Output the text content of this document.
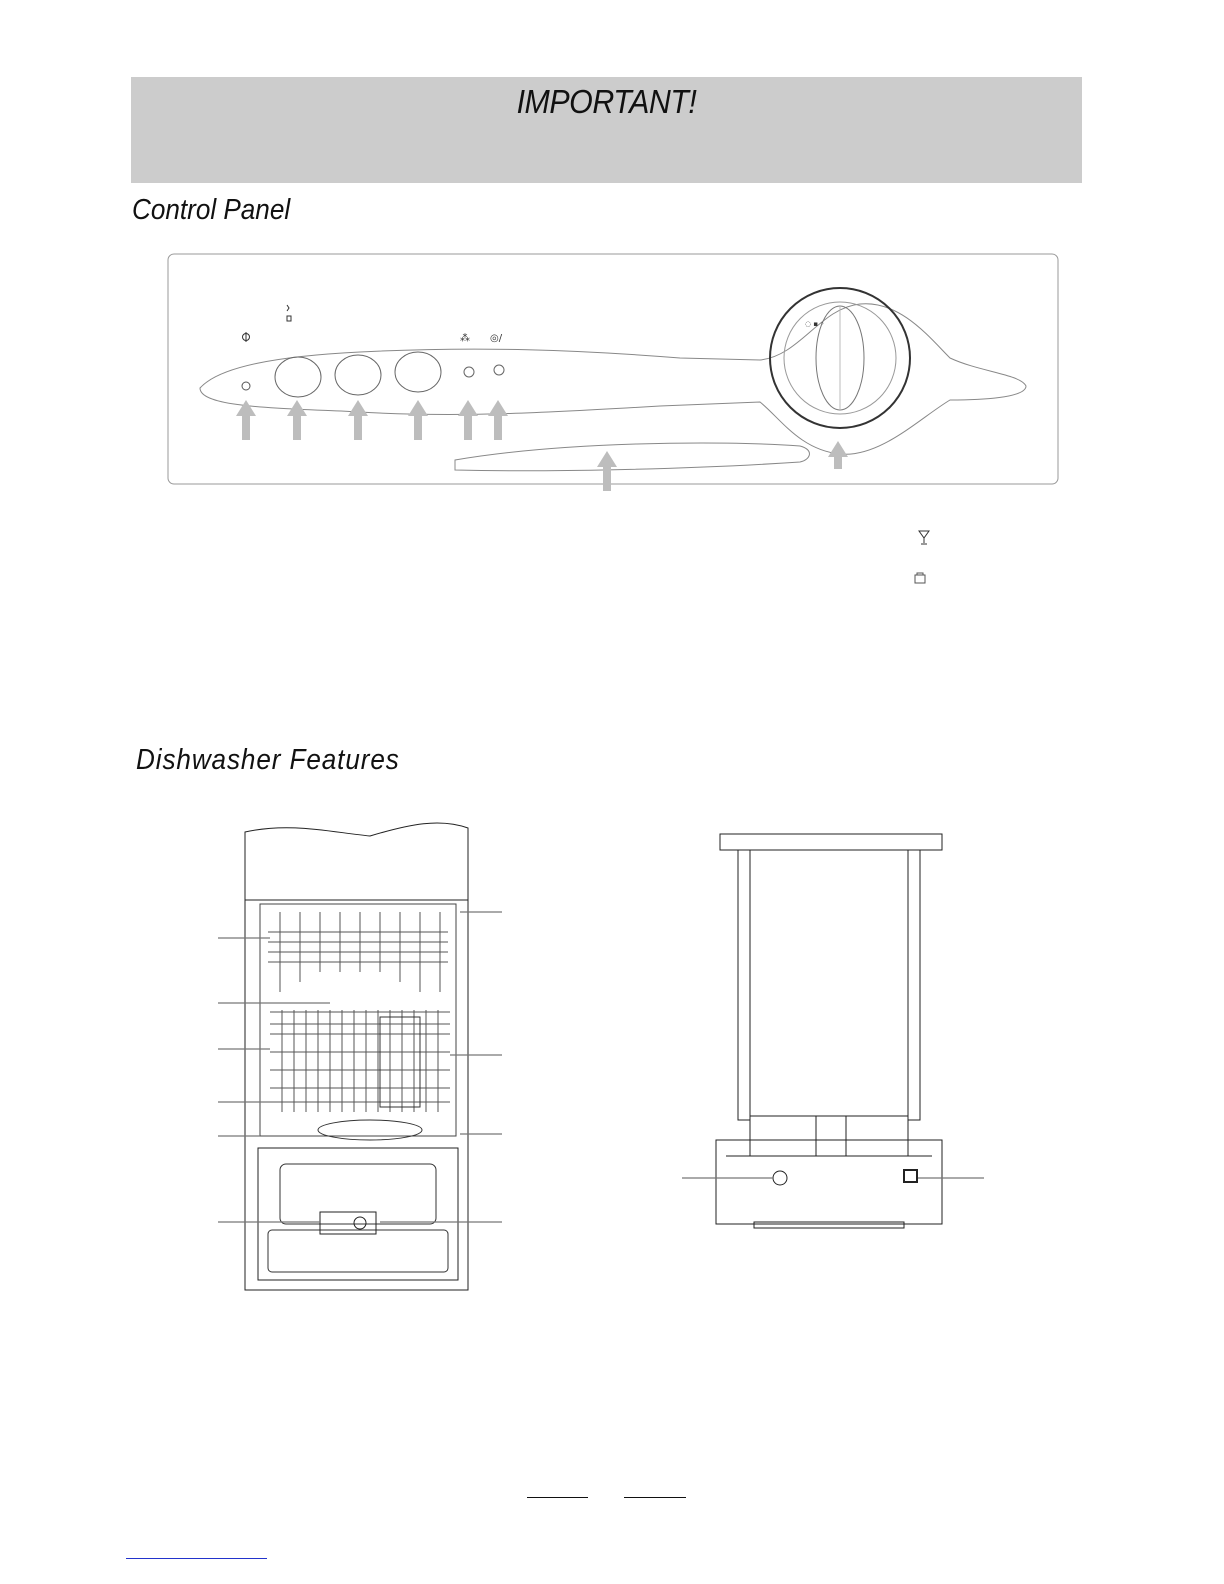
IMPORTANT!
Control Panel
⁂ ◎/
◌ ▪ ◦
Dishwasher Features
